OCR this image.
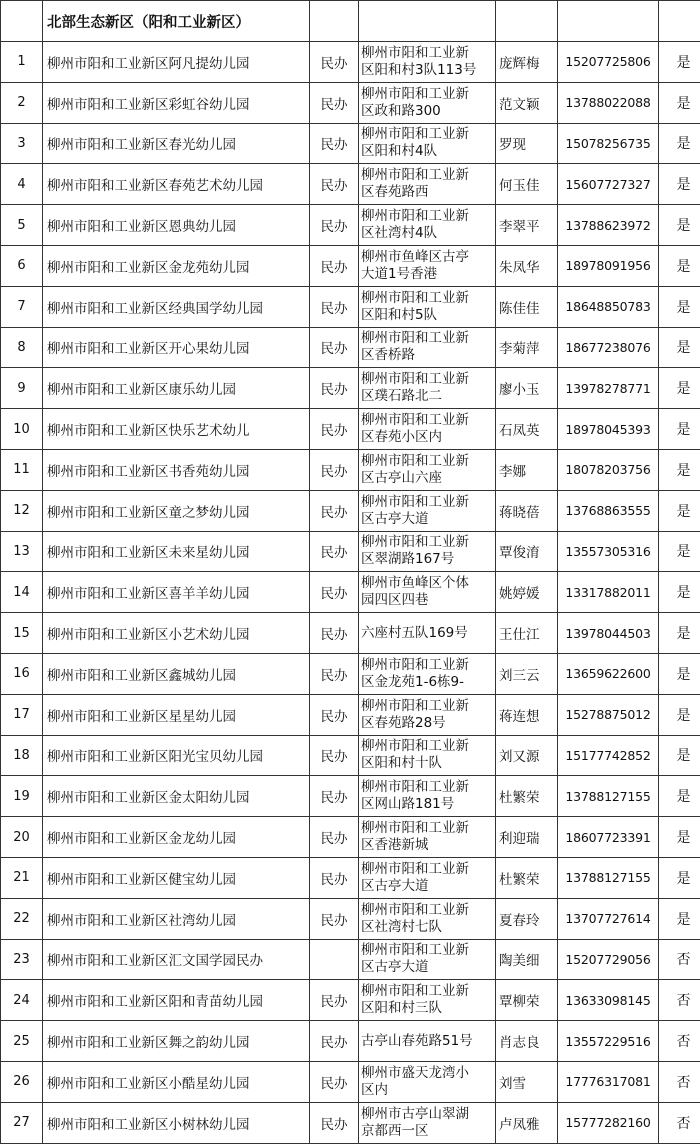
	北部生态新区（阳和工业新区）					
1	柳州市阳和工业新区阿凡提幼儿园	民办	柳州市阳和工业新
区阳和村3队113号	庞辉梅	15207725806	是
2	柳州市阳和工业新区彩虹谷幼儿园	民办	柳州市阳和工业新
区政和路300	范文颖	13788022088	是
3	柳州市阳和工业新区春光幼儿园	民办	柳州市阳和工业新
区阳和村4队	罗现	15078256735	是
4	柳州市阳和工业新区春苑艺术幼儿园	民办	柳州市阳和工业新
区春苑路西	何玉佳	15607727327	是
5	柳州市阳和工业新区恩典幼儿园	民办	柳州市阳和工业新
区社湾村4队	李翠平	13788623972	是
6	柳州市阳和工业新区金龙苑幼儿园	民办	柳州市鱼峰区古亭
大道1号香港	朱凤华	18978091956	是
7	柳州市阳和工业新区经典国学幼儿园	民办	柳州市阳和工业新
区阳和村5队	陈佳佳	18648850783	是
8	柳州市阳和工业新区开心果幼儿园	民办	柳州市阳和工业新
区香桥路	李菊萍	18677238076	是
9	柳州市阳和工业新区康乐幼儿园	民办	柳州市阳和工业新
区璞石路北二	廖小玉	13978278771	是
10	柳州市阳和工业新区快乐艺术幼儿	民办	柳州市阳和工业新
区春苑小区内	石凤英	18978045393	是
11	柳州市阳和工业新区书香苑幼儿园	民办	柳州市阳和工业新
区古亭山六座	李娜	18078203756	是
12	柳州市阳和工业新区童之梦幼儿园	民办	柳州市阳和工业新
区古亭大道	蒋晓蓓	13768863555	是
13	柳州市阳和工业新区未来星幼儿园	民办	柳州市阳和工业新
区翠湖路167号	覃俊淯	13557305316	是
14	柳州市阳和工业新区喜羊羊幼儿园	民办	柳州市鱼峰区个体
园四区四巷	姚婷媛	13317882011	是
15	柳州市阳和工业新区小艺术幼儿园	民办	六座村五队169号	王仕江	13978044503	是
16	柳州市阳和工业新区鑫城幼儿园	民办	柳州市阳和工业新
区金龙苑1-6栋9-	刘三云	13659622600	是
17	柳州市阳和工业新区星星幼儿园	民办	柳州市阳和工业新
区春苑路28号	蒋连想	15278875012	是
18	柳州市阳和工业新区阳光宝贝幼儿园	民办	柳州市阳和工业新
区阳和村十队	刘又源	15177742852	是
19	柳州市阳和工业新区金太阳幼儿园	民办	柳州市阳和工业新
区网山路181号	杜繁荣	13788127155	是
20	柳州市阳和工业新区金龙幼儿园	民办	柳州市阳和工业新
区香港新城	利迎瑞	18607723391	是
21	柳州市阳和工业新区健宝幼儿园	民办	柳州市阳和工业新
区古亭大道	杜繁荣	13788127155	是
22	柳州市阳和工业新区社湾幼儿园	民办	柳州市阳和工业新
区社湾村七队	夏春玲	13707727614	是
23	柳州市阳和工业新区汇文国学园民办		柳州市阳和工业新
区古亭大道	陶美细	15207729056	否
24	柳州市阳和工业新区阳和青苗幼儿园	民办	柳州市阳和工业新
区阳和村三队	覃柳荣	13633098145	否
25	柳州市阳和工业新区舞之韵幼儿园	民办	古亭山春苑路51号	肖志良	13557229516	否
26	柳州市阳和工业新区小酷星幼儿园	民办	柳州市盛天龙湾小
区内	刘雪	17776317081	否
27	柳州市阳和工业新区小树林幼儿园	民办	柳州市古亭山翠湖
京都西一区	卢凤雅	15777282160	否
